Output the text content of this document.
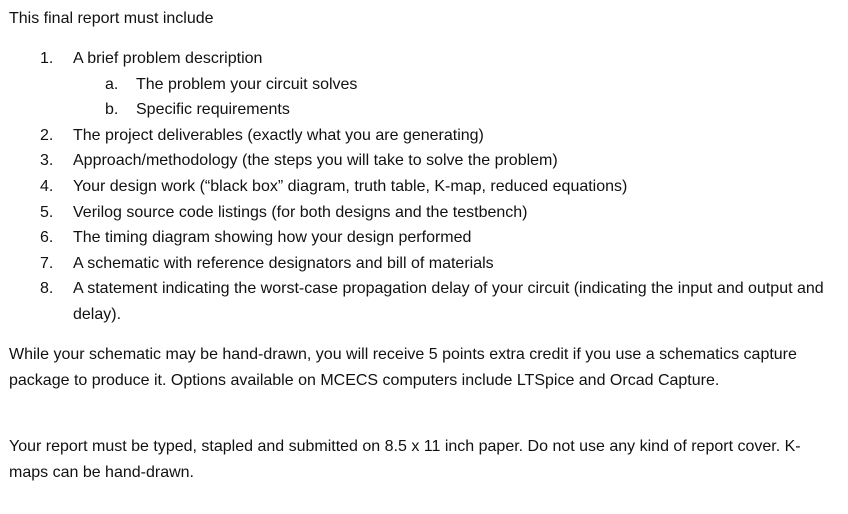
This final report must include

1. A brief problem description
a. The problem your circuit solves
b. Specific requirements
2. The project deliverables (exactly what you are generating)
3. Approach/methodology (the steps you will take to solve the problem)
4. Your design work (“black box” diagram, truth table, K-map, reduced equations)
5. Verilog source code listings (for both designs and the testbench)
6. The timing diagram showing how your design performed
7. A schematic with reference designators and bill of materials
8. A statement indicating the worst-case propagation delay of your circuit (indicating the input and output and delay).

While your schematic may be hand-drawn, you will receive 5 points extra credit if you use a schematics capture package to produce it. Options available on MCECS computers include LTSpice and Orcad Capture.

Your report must be typed, stapled and submitted on 8.5 x 11 inch paper. Do not use any kind of report cover. K-maps can be hand-drawn.
